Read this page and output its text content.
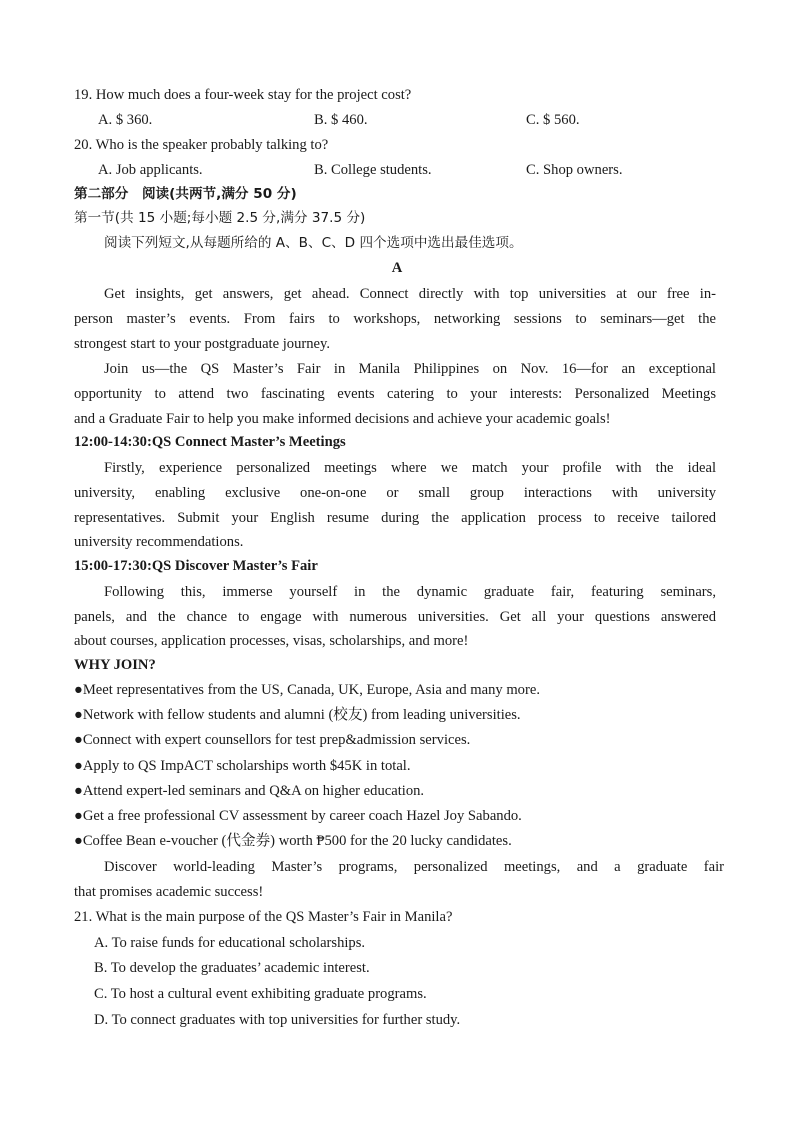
19. How much does a four-week stay for the project cost?
A. $ 360.	B. $ 460.	C. $ 560.
20. Who is the speaker probably talking to?
A. Job applicants.	B. College students.	C. Shop owners.
第二部分　阅读(共两节,满分 50 分)
第一节(共 15 小题;每小题 2.5 分,满分 37.5 分)
阅读下列短文,从每题所给的 A、B、C、D 四个选项中选出最佳选项。
A
Get insights, get answers, get ahead. Connect directly with top universities at our free in-
person master’s events. From fairs to workshops, networking sessions to seminars—get the
strongest start to your postgraduate journey.
Join us—the QS Master’s Fair in Manila Philippines on Nov. 16—for an exceptional
opportunity to attend two fascinating events catering to your interests: Personalized Meetings
and a Graduate Fair to help you make informed decisions and achieve your academic goals!
12:00-14:30:QS Connect Master’s Meetings
Firstly, experience personalized meetings where we match your profile with the ideal
university, enabling exclusive one-on-one or small group interactions with university
representatives. Submit your English resume during the application process to receive tailored
university recommendations.
15:00-17:30:QS Discover Master’s Fair
Following this, immerse yourself in the dynamic graduate fair, featuring seminars,
panels, and the chance to engage with numerous universities. Get all your questions answered
about courses, application processes, visas, scholarships, and more!
WHY JOIN?
●Meet representatives from the US, Canada, UK, Europe, Asia and many more.
●Network with fellow students and alumni (校友) from leading universities.
●Connect with expert counsellors for test prep&admission services.
●Apply to QS ImpACT scholarships worth $45K in total.
●Attend expert-led seminars and Q&A on higher education.
●Get a free professional CV assessment by career coach Hazel Joy Sabando.
●Coffee Bean e-voucher (代金券) worth ₱500 for the 20 lucky candidates.
Discover world-leading Master’s programs, personalized meetings, and a graduate fair
that promises academic success!
21. What is the main purpose of the QS Master’s Fair in Manila?
A. To raise funds for educational scholarships.
B. To develop the graduates’ academic interest.
C. To host a cultural event exhibiting graduate programs.
D. To connect graduates with top universities for further study.
